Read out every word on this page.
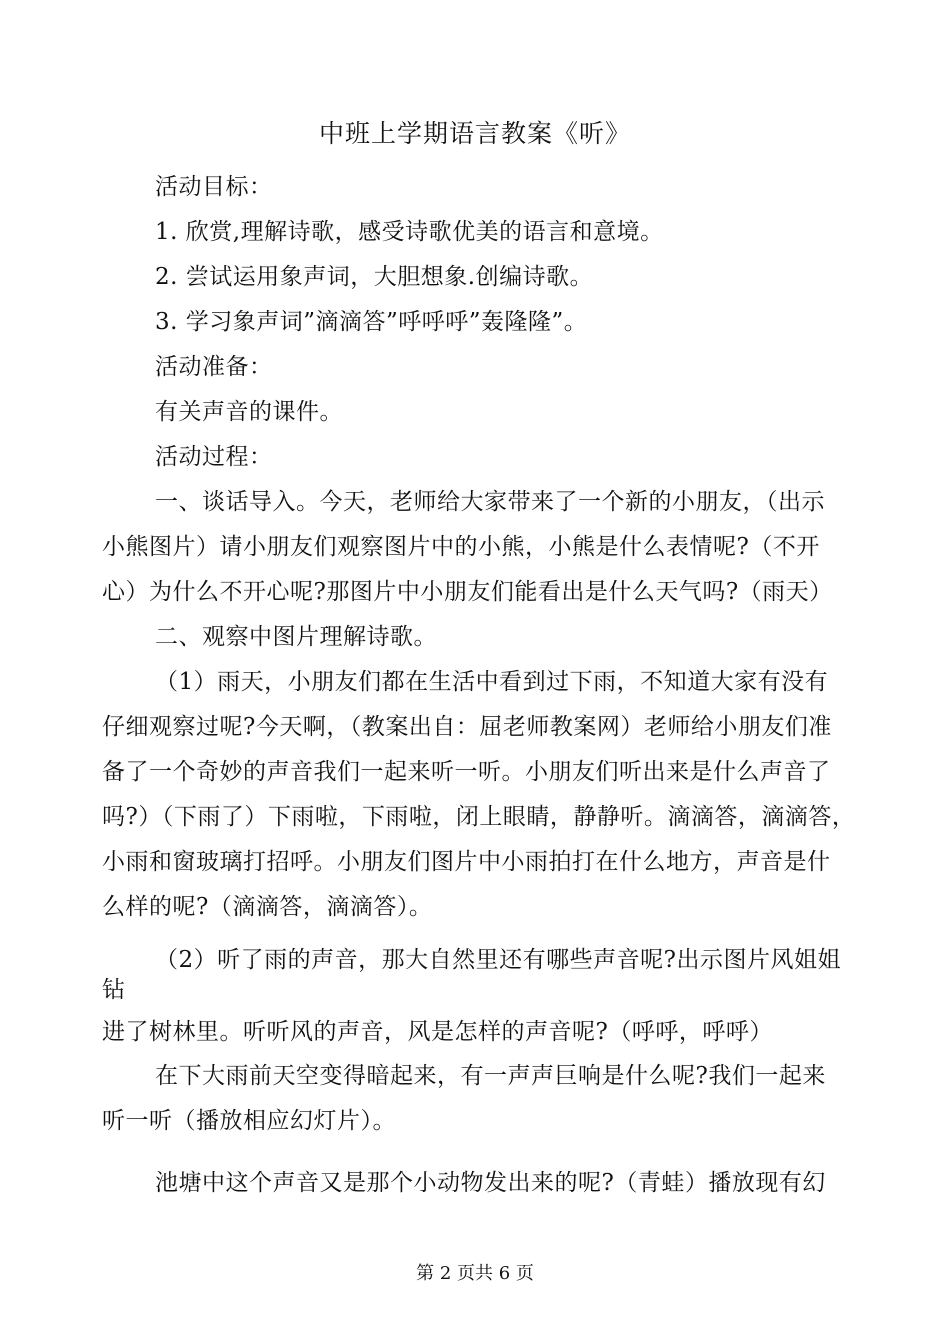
中班上学期语言教案《听》
活动目标：
1. 欣赏,理解诗歌，感受诗歌优美的语言和意境。
2. 尝试运用象声词，大胆想象.创编诗歌。
3. 学习象声词”滴滴答”呼呼呼”轰隆隆”。
活动准备：
有关声音的课件。
活动过程：
一、谈话导入。今天，老师给大家带来了一个新的小朋友，（出示
小熊图片）请小朋友们观察图片中的小熊，小熊是什么表情呢?（不开
心）为什么不开心呢?那图片中小朋友们能看出是什么天气吗?（雨天）
二、观察中图片理解诗歌。
（1）雨天，小朋友们都在生活中看到过下雨，不知道大家有没有
仔细观察过呢?今天啊，（教案出自：屈老师教案网）老师给小朋友们准
备了一个奇妙的声音我们一起来听一听。小朋友们听出来是什么声音了
吗?）（下雨了）下雨啦，下雨啦，闭上眼睛，静静听。滴滴答，滴滴答，
小雨和窗玻璃打招呼。小朋友们图片中小雨拍打在什么地方，声音是什
么样的呢?（滴滴答，滴滴答）。
（2）听了雨的声音，那大自然里还有哪些声音呢?出示图片风姐姐
钻
进了树林里。听听风的声音，风是怎样的声音呢?（呼呼，呼呼）
在下大雨前天空变得暗起来，有一声声巨响是什么呢?我们一起来
听一听（播放相应幻灯片）。
池塘中这个声音又是那个小动物发出来的呢?（青蛙）播放现有幻
第 2 页共 6 页
